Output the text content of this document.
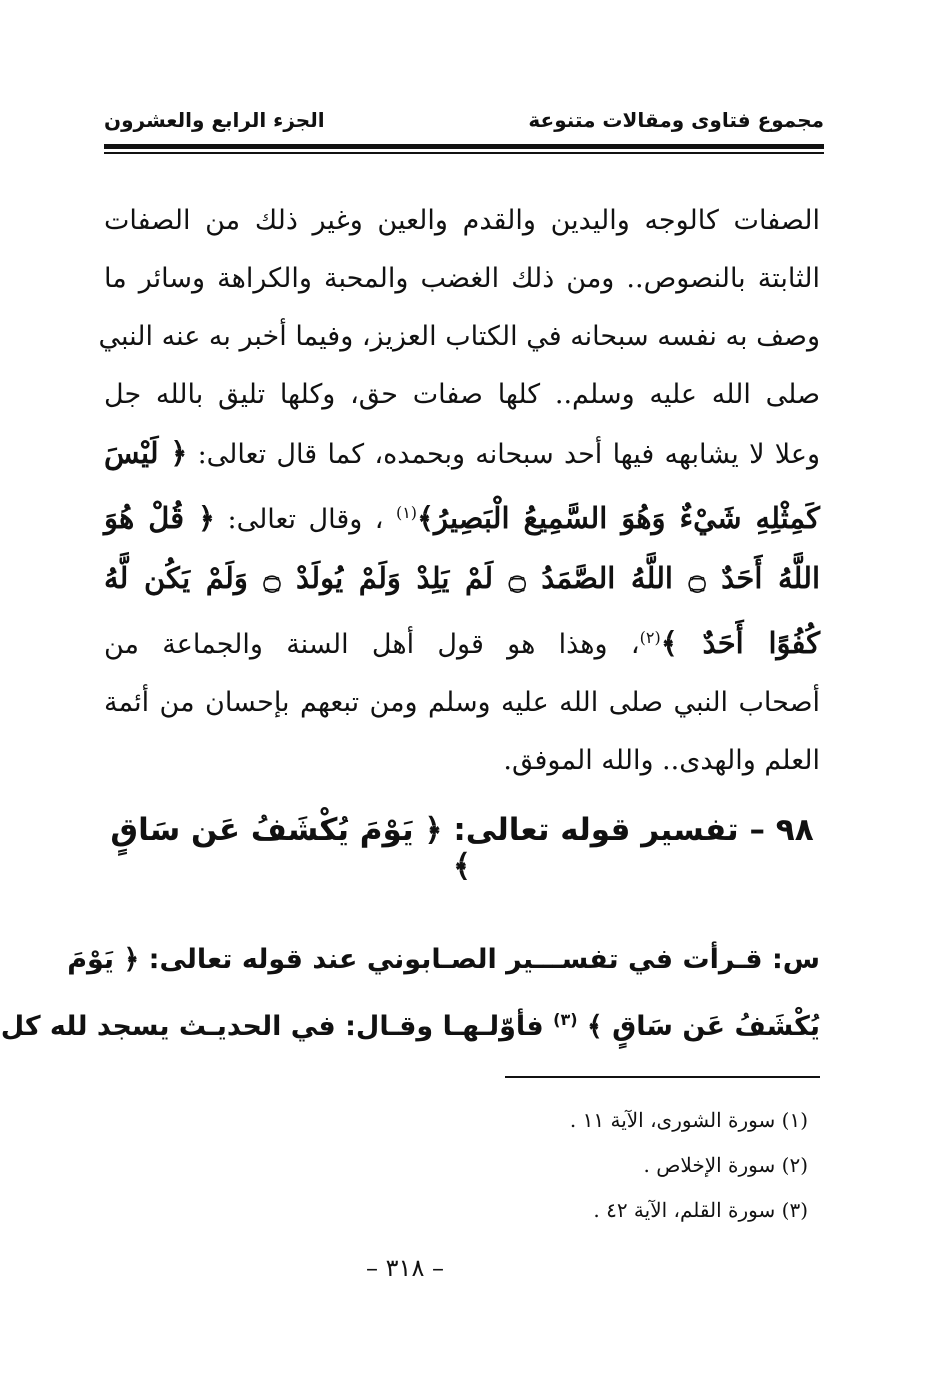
مجموع فتاوى ومقالات متنوعة
الجزء الرابع والعشرون
الصفات كالوجه واليدين والقدم والعين وغير ذلك من الصفات
الثابتة بالنصوص.. ومن ذلك الغضب والمحبة والكراهة وسائر ما
وصف به نفسه سبحانه في الكتاب العزيز، وفيما أخبر به عنه النبي
صلى الله عليه وسلم.. كلها صفات حق، وكلها تليق بالله جل
وعلا لا يشابهه فيها أحد سبحانه وبحمده، كما قال تعالى: ﴿ لَيْسَ
كَمِثْلِهِ شَيْءٌ وَهُوَ السَّمِيعُ الْبَصِيرُ﴾$^{(١)}$ ، وقال تعالى: ﴿ قُلْ هُوَ
اللَّهُ أَحَدٌ ۝ اللَّهُ الصَّمَدُ ۝ لَمْ يَلِدْ وَلَمْ يُولَدْ ۝ وَلَمْ يَكُن لَّهُ
كُفُوًا أَحَدٌ ﴾$^{(٢)}$، وهذا هو قول أهل السنة والجماعة من
أصحاب النبي صلى الله عليه وسلم ومن تبعهم بإحسان من أئمة
العلم والهدى.. والله الموفق.
٩٨ – تفسير قوله تعالى: ﴿ يَوْمَ يُكْشَفُ عَن سَاقٍ ﴾
س: قـرأت في تفســـير الصـابوني عند قوله تعالى: ﴿ يَوْمَ
يُكْشَفُ عَن سَاقٍ ﴾ $^{(٣)}$ فأوّلـهـا وقـال: في الحديـث يسجد لله كل
(١) سورة الشورى، الآية ١١ .
(٢) سورة الإخلاص .
(٣) سورة القلم، الآية ٤٢ .
– ٣١٨ –
